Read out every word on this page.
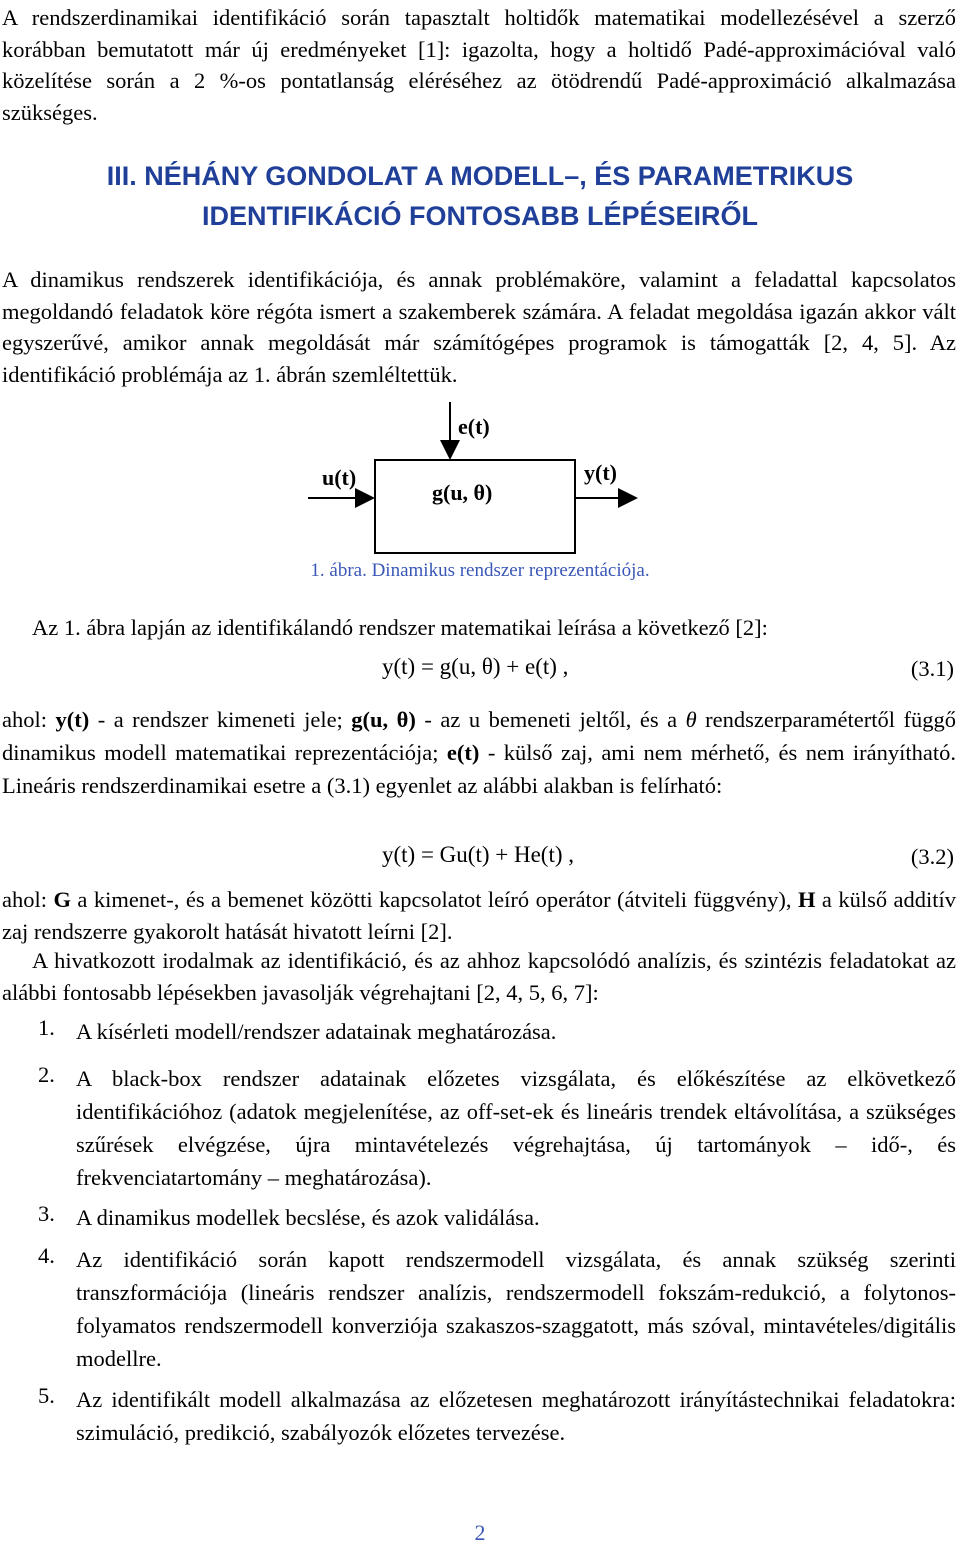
A rendszerdinamikai identifikáció során tapasztalt holtidők matematikai modellezésével a szerző korábban bemutatott már új eredményeket [1]: igazolta, hogy a holtidő Padé-approximációval való közelítése során a 2 %-os pontatlanság eléréséhez az ötödrendű Padé-approximáció alkalmazása szükséges.
III. NÉHÁNY GONDOLAT A MODELL–, ÉS PARAMETRIKUS
IDENTIFIKÁCIÓ FONTOSABB LÉPÉSEIRŐL
A dinamikus rendszerek identifikációja, és annak problémaköre, valamint a feladattal kapcsolatos megoldandó feladatok köre régóta ismert a szakemberek számára. A feladat megoldása igazán akkor vált egyszerűvé, amikor annak megoldását már számítógépes programok is támogatták [2, 4, 5]. Az identifikáció problémája az 1. ábrán szemléltettük.
e(t)
u(t)	y(t)
g(u, θ)
1. ábra. Dinamikus rendszer reprezentációja.
Az 1. ábra lapján az identifikálandó rendszer matematikai leírása a következő [2]:
y(t) = g(u, θ) + e(t) ,	(3.1)
ahol: y(t) - a rendszer kimeneti jele; g(u, θ) - az u bemeneti jeltől, és a θ rendszerparamétertől függő dinamikus modell matematikai reprezentációja; e(t) - külső zaj, ami nem mérhető, és nem irányítható. Lineáris rendszerdinamikai esetre a (3.1) egyenlet az alábbi alakban is felírható:
y(t) = Gu(t) + He(t) ,	(3.2)
ahol: G a kimenet-, és a bemenet közötti kapcsolatot leíró operátor (átviteli függvény), H a külső additív zaj rendszerre gyakorolt hatását hivatott leírni [2].
A hivatkozott irodalmak az identifikáció, és az ahhoz kapcsolódó analízis, és szintézis feladatokat az alábbi fontosabb lépésekben javasolják végrehajtani [2, 4, 5, 6, 7]:
1. A kísérleti modell/rendszer adatainak meghatározása.
2. A black-box rendszer adatainak előzetes vizsgálata, és előkészítése az elkövetkező identifikációhoz (adatok megjelenítése, az off-set-ek és lineáris trendek eltávolítása, a szükséges szűrések elvégzése, újra mintavételezés végrehajtása, új tartományok – idő-, és frekvenciatartomány – meghatározása).
3. A dinamikus modellek becslése, és azok validálása.
4. Az identifikáció során kapott rendszermodell vizsgálata, és annak szükség szerinti transzformációja (lineáris rendszer analízis, rendszermodell fokszám-redukció, a folytonos-folyamatos rendszermodell konverziója szakaszos-szaggatott, más szóval, mintavételes/digitális modellre.
5. Az identifikált modell alkalmazása az előzetesen meghatározott irányítástechnikai feladatokra: szimuláció, predikció, szabályozók előzetes tervezése.
2
